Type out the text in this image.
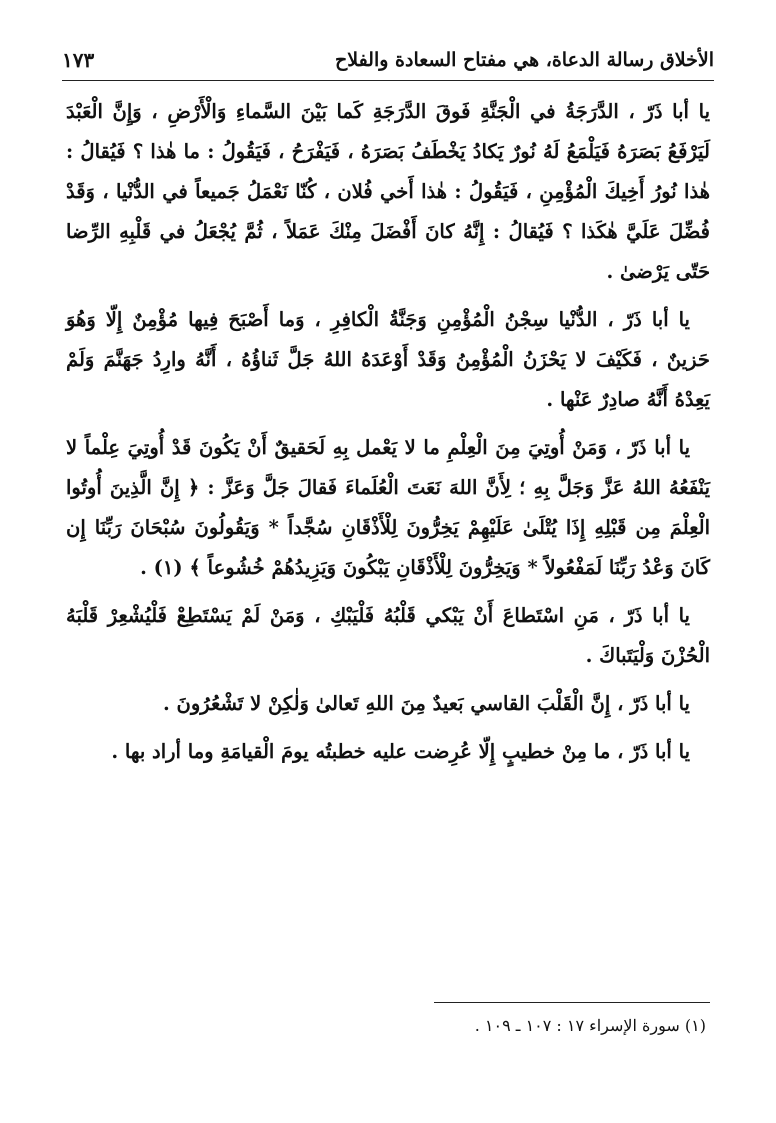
الأخلاق رسالة الدعاة، هي مفتاح السعادة والفلاح
١٧٣

يا أبا ذَرّ ، الدَّرَجَةُ في الْجَنَّةِ فَوقَ الدَّرَجَةِ كَما بَيْنَ السَّماءِ وَالْأَرْضِ ، وَإِنَّ الْعَبْدَ لَيَرْفَعُ بَصَرَهُ فَيَلْمَعُ لَهُ نُورٌ يَكادُ يَخْطَفُ بَصَرَهُ ، فَيَفْرَحُ ، فَيَقُولُ : ما هٰذا ؟ فَيُقالُ : هٰذا نُورُ أَخِيكَ الْمُؤْمِنِ ، فَيَقُولُ : هٰذا أَخي فُلان ، كُنّا نَعْمَلُ جَميعاً في الدُّنْيا ، وَقَدْ فُضِّلَ عَلَيَّ هٰكَذا ؟ فَيُقالُ : إِنَّهُ كانَ أَفْضَلَ مِنْكَ عَمَلاً ، ثُمَّ يُجْعَلُ في قَلْبِهِ الرِّضا حَتّى يَرْضىٰ .

يا أبا ذَرّ ، الدُّنْيا سِجْنُ الْمُؤْمِنِ وَجَنَّةُ الْكافِرِ ، وَما أَصْبَحَ فِيها مُؤْمِنٌ إِلّا وَهُوَ حَزينٌ ، فَكَيْفَ لا يَحْزَنُ الْمُؤْمِنُ وَقَدْ أَوْعَدَهُ اللهُ جَلَّ ثَناؤُهُ ، أَنَّهُ وارِدُ جَهَنَّمَ وَلَمْ يَعِدْهُ أَنَّهُ صادِرٌ عَنْها .

يا أبا ذَرّ ، وَمَنْ أُوتِيَ مِنَ الْعِلْمِ ما لا يَعْمل بِهِ لَحَقيقٌ أَنْ يَكُونَ قَدْ أُوتِيَ عِلْماً لا يَنْفَعُهُ اللهُ عَزَّ وَجَلَّ بِهِ ؛ لِأَنَّ اللهَ نَعَتَ الْعُلَماءَ فَقالَ جَلَّ وَعَزَّ : ﴿ إِنَّ الَّذِينَ أُوتُوا الْعِلْمَ مِن قَبْلِهِ إِذَا يُتْلَىٰ عَلَيْهِمْ يَخِرُّونَ لِلْأَذْقَانِ سُجَّداً * وَيَقُولُونَ سُبْحَانَ رَبِّنَا إِن كَانَ وَعْدُ رَبِّنَا لَمَفْعُولاً * وَيَخِرُّونَ لِلْأَذْقَانِ يَبْكُونَ وَيَزِيدُهُمْ خُشُوعاً ﴾ (١) .

يا أبا ذَرّ ، مَنِ اسْتَطاعَ أَنْ يَبْكي قَلْبُهُ فَلْيَبْكِ ، وَمَنْ لَمْ يَسْتَطِعْ فَلْيُشْعِرْ قَلْبَهُ الْحُزْنَ وَلْيَتَباكَ .

يا أبا ذَرّ ، إِنَّ الْقَلْبَ القاسي بَعيدٌ مِنَ اللهِ تَعالىٰ وَلٰكِنْ لا تَشْعُرُونَ .

يا أبا ذَرّ ، ما مِنْ خطيبٍ إِلّا عُرِضت عليه خطبتُه يومَ الْقيامَةِ وما أراد بها .

(١) سورة الإسراء ١٧ : ١٠٧ ـ ١٠٩ .
